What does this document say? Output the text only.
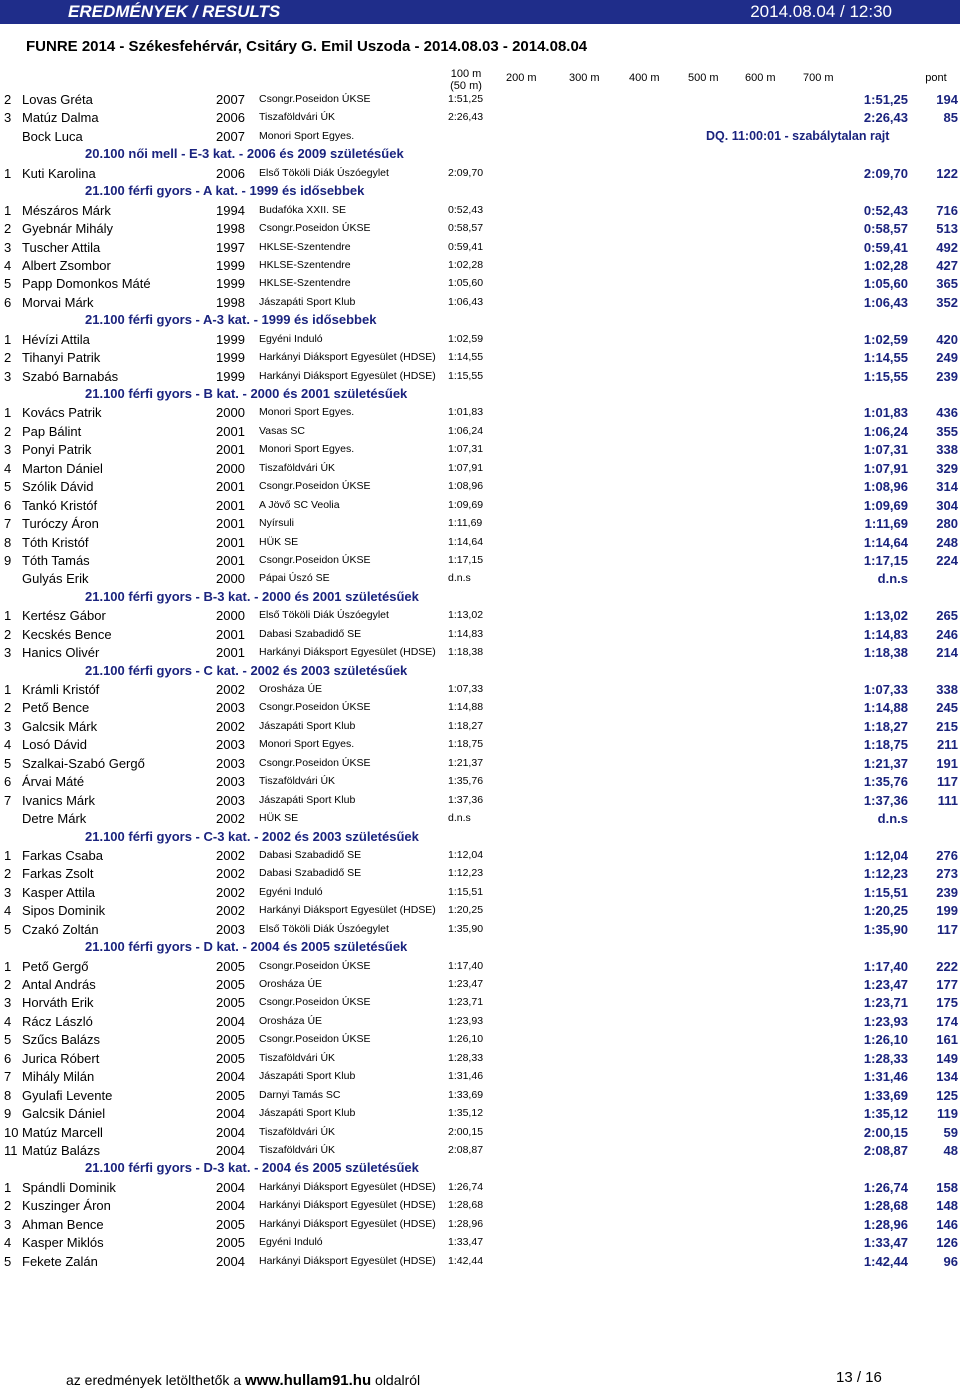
EREDMÉNYEK / RESULTS	2014.08.04 / 12:30
FUNRE 2014 - Székesfehérvár, Csitáry G. Emil Uszoda - 2014.08.03 - 2014.08.04
100 m
(50 m)
200 m	300 m	400 m	500 m 600 m 700 m	pont
2 Lovas Gréta	2007 Csongr.Poseidon ÚKSE	1:51,25	1:51,25 194
3 Matúz Dalma	2006 Tiszaföldvári ÚK	2:26,43	2:26,43	85
Bock Luca	2007 Monori Sport Egyes.	DQ. 11:00:01 - szabálytalan rajt
20.100 női mell - E-3 kat. - 2006 és 2009 születésűek
1 Kuti Karolina	2006 Első Tököli Diák Úszóegylet	2:09,70	2:09,70 122
21.100 férfi gyors - A kat. - 1999 és idősebbek
1 Mészáros Márk	1994 Budafóka XXII. SE	0:52,43	0:52,43 716
2 Gyebnár Mihály	1998 Csongr.Poseidon ÚKSE	0:58,57	0:58,57 513
3 Tuscher Attila	1997 HKLSE-Szentendre	0:59,41	0:59,41 492
4 Albert Zsombor	1999 HKLSE-Szentendre	1:02,28	1:02,28 427
5 Papp Domonkos Máté	1999 HKLSE-Szentendre	1:05,60	1:05,60 365
6 Morvai Márk	1998 Jászapáti Sport Klub	1:06,43	1:06,43 352
21.100 férfi gyors - A-3 kat. - 1999 és idősebbek
1 Hévízi Attila	1999 Egyéni Induló	1:02,59	1:02,59 420
2 Tihanyi Patrik	1999 Harkányi Diáksport Egyesület (HDSE) 1:14,55	1:14,55 249
3 Szabó Barnabás	1999 Harkányi Diáksport Egyesület (HDSE) 1:15,55	1:15,55 239
21.100 férfi gyors - B kat. - 2000 és 2001 születésűek
1 Kovács Patrik	2000 Monori Sport Egyes.	1:01,83	1:01,83 436
2 Pap Bálint	2001 Vasas SC	1:06,24	1:06,24 355
3 Ponyi Patrik	2001 Monori Sport Egyes.	1:07,31	1:07,31 338
4 Marton Dániel	2000 Tiszaföldvári ÚK	1:07,91	1:07,91 329
5 Szólik Dávid	2001 Csongr.Poseidon ÚKSE	1:08,96	1:08,96 314
6 Tankó Kristóf	2001 A Jövő SC Veolia	1:09,69	1:09,69 304
7 Turóczy Áron	2001 Nyírsuli	1:11,69	1:11,69 280
8 Tóth Kristóf	2001 HÜK SE	1:14,64	1:14,64 248
9 Tóth Tamás	2001 Csongr.Poseidon ÚKSE	1:17,15	1:17,15 224
Gulyás Erik	2000 Pápai Úszó SE	d.n.s	d.n.s
21.100 férfi gyors - B-3 kat. - 2000 és 2001 születésűek
1 Kertész Gábor	2000 Első Tököli Diák Úszóegylet	1:13,02	1:13,02 265
2 Kecskés Bence	2001 Dabasi Szabadidő SE	1:14,83	1:14,83 246
3 Hanics Olivér	2001 Harkányi Diáksport Egyesület (HDSE) 1:18,38	1:18,38 214
21.100 férfi gyors - C kat. - 2002 és 2003 születésűek
1 Krámli Kristóf	2002 Orosháza ÚE	1:07,33	1:07,33 338
2 Pető Bence	2003 Csongr.Poseidon ÚKSE	1:14,88	1:14,88 245
3 Galcsik Márk	2002 Jászapáti Sport Klub	1:18,27	1:18,27 215
4 Losó Dávid	2003 Monori Sport Egyes.	1:18,75	1:18,75 211
5 Szalkai-Szabó Gergő	2003 Csongr.Poseidon ÚKSE	1:21,37	1:21,37 191
6 Árvai Máté	2003 Tiszaföldvári ÚK	1:35,76	1:35,76 117
7 Ivanics Márk	2003 Jászapáti Sport Klub	1:37,36	1:37,36 111
Detre Márk	2002 HÜK SE	d.n.s	d.n.s
21.100 férfi gyors - C-3 kat. - 2002 és 2003 születésűek
1 Farkas Csaba	2002 Dabasi Szabadidő SE	1:12,04	1:12,04 276
2 Farkas Zsolt	2002 Dabasi Szabadidő SE	1:12,23	1:12,23 273
3 Kasper Attila	2002 Egyéni Induló	1:15,51	1:15,51 239
4 Sipos Dominik	2002 Harkányi Diáksport Egyesület (HDSE) 1:20,25	1:20,25 199
5 Czakó Zoltán	2003 Első Tököli Diák Úszóegylet	1:35,90	1:35,90 117
21.100 férfi gyors - D kat. - 2004 és 2005 születésűek
1 Pető Gergő	2005 Csongr.Poseidon ÚKSE	1:17,40	1:17,40 222
2 Antal András	2005 Orosháza ÚE	1:23,47	1:23,47 177
3 Horváth Erik	2005 Csongr.Poseidon ÚKSE	1:23,71	1:23,71 175
4 Rácz László	2004 Orosháza ÚE	1:23,93	1:23,93 174
5 Szűcs Balázs	2005 Csongr.Poseidon ÚKSE	1:26,10	1:26,10 161
6 Jurica Róbert	2005 Tiszaföldvári ÚK	1:28,33	1:28,33 149
7 Mihály Milán	2004 Jászapáti Sport Klub	1:31,46	1:31,46 134
8 Gyulafi Levente	2005 Darnyi Tamás SC	1:33,69	1:33,69 125
9 Galcsik Dániel	2004 Jászapáti Sport Klub	1:35,12	1:35,12 119
10 Matúz Marcell	2004 Tiszaföldvári ÚK	2:00,15	2:00,15	59
11 Matúz Balázs	2004 Tiszaföldvári ÚK	2:08,87	2:08,87	48
21.100 férfi gyors - D-3 kat. - 2004 és 2005 születésűek
1 Spándli Dominik	2004 Harkányi Diáksport Egyesület (HDSE) 1:26,74	1:26,74 158
2 Kuszinger Áron	2004 Harkányi Diáksport Egyesület (HDSE) 1:28,68	1:28,68 148
3 Ahman Bence	2005 Harkányi Diáksport Egyesület (HDSE) 1:28,96	1:28,96 146
4 Kasper Miklós	2005 Egyéni Induló	1:33,47	1:33,47 126
5 Fekete Zalán	2004 Harkányi Diáksport Egyesület (HDSE) 1:42,44	1:42,44	96
az eredmények letölthetők a www.hullam91.hu oldalról	13 / 16
